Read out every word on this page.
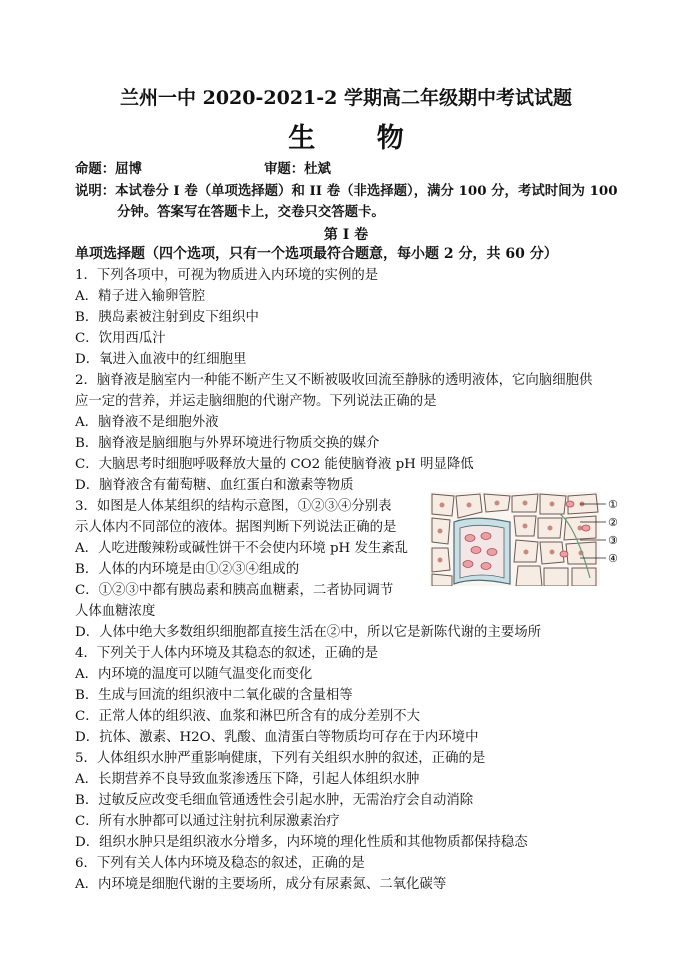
兰州一中 2020-2021-2 学期高二年级期中考试试题
生 物
命题：屈博	审题：杜斌
说明：本试卷分 I 卷（单项选择题）和 II 卷（非选择题），满分 100 分，考试时间为 100
分钟。答案写在答题卡上，交卷只交答题卡。
第 I 卷
单项选择题（四个选项，只有一个选项最符合题意，每小题 2 分，共 60 分）
1．下列各项中，可视为物质进入内环境的实例的是
A．精子进入输卵管腔
B．胰岛素被注射到皮下组织中
C．饮用西瓜汁
D．氧进入血液中的红细胞里
2．脑脊液是脑室内一种能不断产生又不断被吸收回流至静脉的透明液体，它向脑细胞供
应一定的营养，并运走脑细胞的代谢产物。下列说法正确的是
A．脑脊液不是细胞外液
B．脑脊液是脑细胞与外界环境进行物质交换的媒介
C．大脑思考时细胞呼吸释放大量的 CO2 能使脑脊液 pH 明显降低
D．脑脊液含有葡萄糖、血红蛋白和激素等物质
3．如图是人体某组织的结构示意图，①②③④分别表
示人体内不同部位的液体。据图判断下列说法正确的是
A．人吃进酸辣粉或碱性饼干不会使内环境 pH 发生紊乱
B．人体的内环境是由①②③④组成的
C．①②③中都有胰岛素和胰高血糖素，二者协同调节
人体血糖浓度
D．人体中绝大多数组织细胞都直接生活在②中，所以它是新陈代谢的主要场所
4．下列关于人体内环境及其稳态的叙述，正确的是
A．内环境的温度可以随气温变化而变化
B．生成与回流的组织液中二氧化碳的含量相等
C．正常人体的组织液、血浆和淋巴所含有的成分差别不大
D．抗体、激素、H2O、乳酸、血清蛋白等物质均可存在于内环境中
5．人体组织水肿严重影响健康，下列有关组织水肿的叙述，正确的是
A．长期营养不良导致血浆渗透压下降，引起人体组织水肿
B．过敏反应改变毛细血管通透性会引起水肿，无需治疗会自动消除
C．所有水肿都可以通过注射抗利尿激素治疗
D．组织水肿只是组织液水分增多，内环境的理化性质和其他物质都保持稳态
6．下列有关人体内环境及稳态的叙述，正确的是
A．内环境是细胞代谢的主要场所，成分有尿素氮、二氧化碳等
①
②
③
④
